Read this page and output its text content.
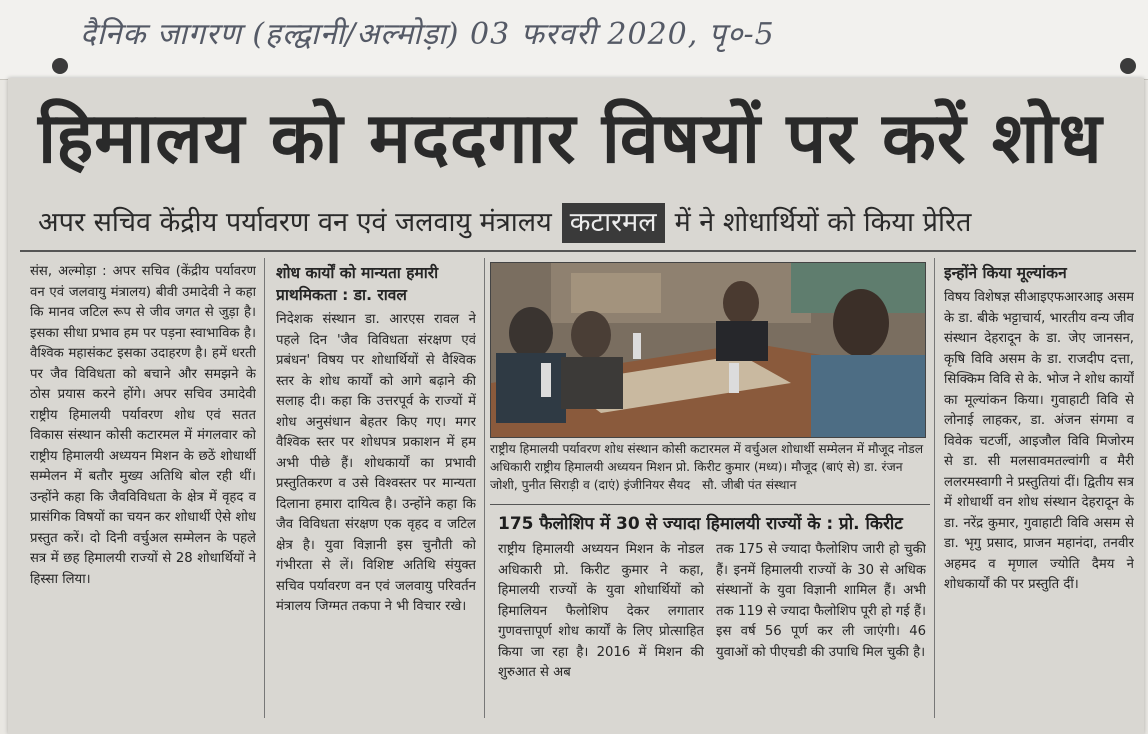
दैनिक जागरण (हल्द्वानी/अल्मोड़ा) 03 फरवरी 2020, पृ०-5
हिमालय को मददगार विषयों पर करें शोध
अपर सचिव केंद्रीय पर्यावरण वन एवं जलवायु मंत्रालय कटारमल में ने शोधार्थियों को किया प्रेरित

संस, अल्मोड़ा : अपर सचिव (केंद्रीय पर्यावरण वन एवं जलवायु मंत्रालय) बीवी उमादेवी ने कहा कि मानव जटिल रूप से जीव जगत से जुड़ा है। इसका सीधा प्रभाव हम पर पड़ना स्वाभाविक है। वैश्विक महासंकट इसका उदाहरण है। हमें धरती पर जैव विविधता को बचाने और समझने के ठोस प्रयास करने होंगे। अपर सचिव उमादेवी राष्ट्रीय हिमालयी पर्यावरण शोध एवं सतत विकास संस्थान कोसी कटारमल में मंगलवार को राष्ट्रीय हिमालयी अध्ययन मिशन के छठें शोधार्थी सम्मेलन में बतौर मुख्य अतिथि बोल रही थीं। उन्होंने कहा कि जैवविविधता के क्षेत्र में वृहद व प्रासंगिक विषयों का चयन कर शोधार्थी ऐसे शोध प्रस्तुत करें। दो दिनी वर्चुअल सम्मेलन के पहले सत्र में छह हिमालयी राज्यों से 28 शोधार्थियों ने हिस्सा लिया।

शोध कार्यों को मान्यता हमारी प्राथमिकता : डा. रावल

निदेशक संस्थान डा. आरएस रावल ने पहले दिन 'जैव विविधता संरक्षण एवं प्रबंधन' विषय पर शोधार्थियों से वैश्विक स्तर के शोध कार्यों को आगे बढ़ाने की सलाह दी। कहा कि उत्तरपूर्व के राज्यों में शोध अनुसंधान बेहतर किए गए। मगर वैश्विक स्तर पर शोधपत्र प्रकाशन में हम अभी पीछे हैं। शोधकार्यों का प्रभावी प्रस्तुतिकरण व उसे विश्वस्तर पर मान्यता दिलाना हमारा दायित्व है। उन्होंने कहा कि जैव विविधता संरक्षण एक वृहद व जटिल क्षेत्र है। युवा विज्ञानी इस चुनौती को गंभीरता से लें। विशिष्ट अतिथि संयुक्त सचिव पर्यावरण वन एवं जलवायु परिवर्तन मंत्रालय जिग्मत तकपा ने भी विचार रखे।

राष्ट्रीय हिमालयी पर्यावरण शोध संस्थान कोसी कटारमल में वर्चुअल शोधार्थी सम्मेलन में मौजूद नोडल अधिकारी राष्ट्रीय हिमालयी अध्ययन मिशन प्रो. किरीट कुमार (मध्य)। मौजूद (बाएं से) डा. रंजन जोशी, पुनीत सिराड़ी व (दाएं) इंजीनियर सैयद सौ. जीबी पंत संस्थान
175 फैलोशिप में 30 से ज्यादा हिमालयी राज्यों के : प्रो. किरीट

राष्ट्रीय हिमालयी अध्ययन मिशन के नोडल अधिकारी प्रो. किरीट कुमार ने कहा, हिमालयी राज्यों के युवा शोधार्थियों को हिमालियन फैलोशिप देकर लगातार गुणवत्तापूर्ण शोध कार्यों के लिए प्रोत्साहित किया जा रहा है। 2016 में मिशन की शुरुआत से अब

तक 175 से ज्यादा फैलोशिप जारी हो चुकी हैं। इनमें हिमालयी राज्यों के 30 से अधिक संस्थानों के युवा विज्ञानी शामिल हैं। अभी तक 119 से ज्यादा फैलोशिप पूरी हो गई हैं। इस वर्ष 56 पूर्ण कर ली जाएंगी। 46 युवाओं को पीएचडी की उपाधि मिल चुकी है।

इन्होंने किया मूल्यांकन

विषय विशेषज्ञ सीआइएफआरआइ असम के डा. बीके भट्टाचार्य, भारतीय वन्य जीव संस्थान देहरादून के डा. जेए जानसन, कृषि विवि असम के डा. राजदीप दत्ता, सिक्किम विवि से के. भोज ने शोध कार्यों का मूल्यांकन किया। गुवाहाटी विवि से लोनाई लाहकर, डा. अंजन संगमा व विवेक चटर्जी, आइजौल विवि मिजोरम से डा. सी मलसावमतल्वांगी व मैरी ललरमस्वागी ने प्रस्तुतियां दीं। द्वितीय सत्र में शोधार्थी वन शोध संस्थान देहरादून के डा. नरेंद्र कुमार, गुवाहाटी विवि असम से डा. भृगु प्रसाद, प्राजन महानंदा, तनवीर अहमद व मृणाल ज्योति दैमय ने शोधकार्यों की पर प्रस्तुति दीं।
